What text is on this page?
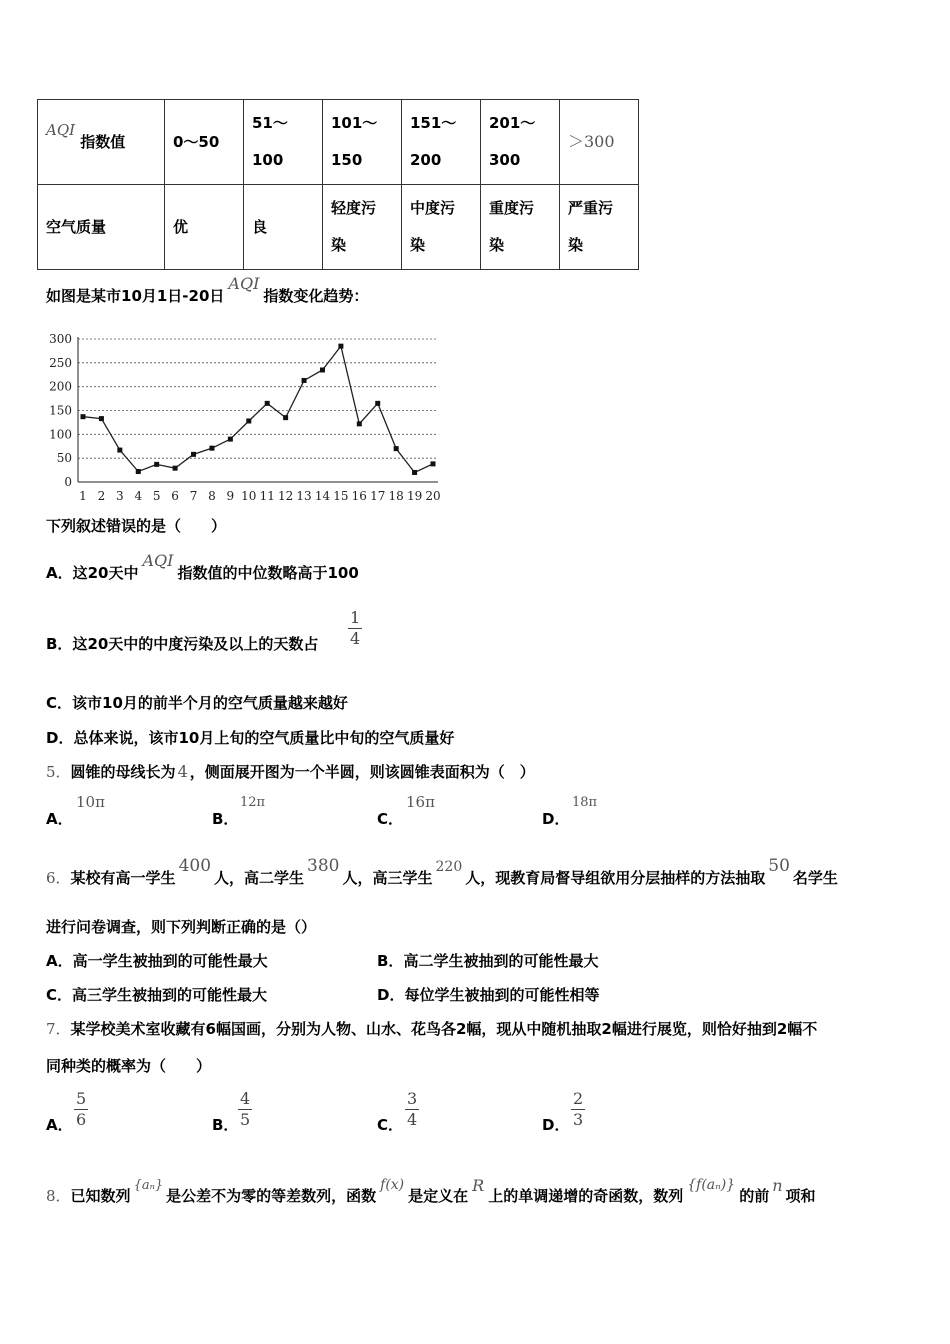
AQI 指数值	0～50	51～100	101～150	151～200	201～300	＞300
空气质量	优	良	轻度污染	中度污染	重度污染	严重污染
如图是某市10月1日-20日AQI指数变化趋势：
0
50
100
150
200
250
300
1 2 3 4 5 6 7 8 9 10 11 12 13 14 15 16 17 18 19 20
下列叙述错误的是（　　）
A．这20天中AQI指数值的中位数略高于100
B．这20天中的中度污染及以上的天数占 $\frac{1}{4}$
C．该市10月的前半个月的空气质量越来越好
D．总体来说，该市10月上旬的空气质量比中旬的空气质量好
5．圆锥的母线长为 4 ，侧面展开图为一个半圆，则该圆锥表面积为（　）
A．
10π
B．
12π
C．
16π
D．
18π
6．某校有高一学生400人，高二学生380人，高三学生220人，现教育局督导组欲用分层抽样的方法抽取50名学生
进行问卷调查，则下列判断正确的是（）
A．高一学生被抽到的可能性最大	B．高二学生被抽到的可能性最大
C．高三学生被抽到的可能性最大	D．每位学生被抽到的可能性相等
7．某学校美术室收藏有6幅国画，分别为人物、山水、花鸟各2幅，现从中随机抽取2幅进行展览，则恰好抽到2幅不
同种类的概率为（　　）
A． $\frac{5}{6}$	B． $\frac{4}{5}$	C． $\frac{3}{4}$	D． $\frac{2}{3}$
8．已知数列{aₙ}是公差不为零的等差数列，函数f(x)是定义在R上的单调递增的奇函数，数列{f(aₙ)}的前n项和
